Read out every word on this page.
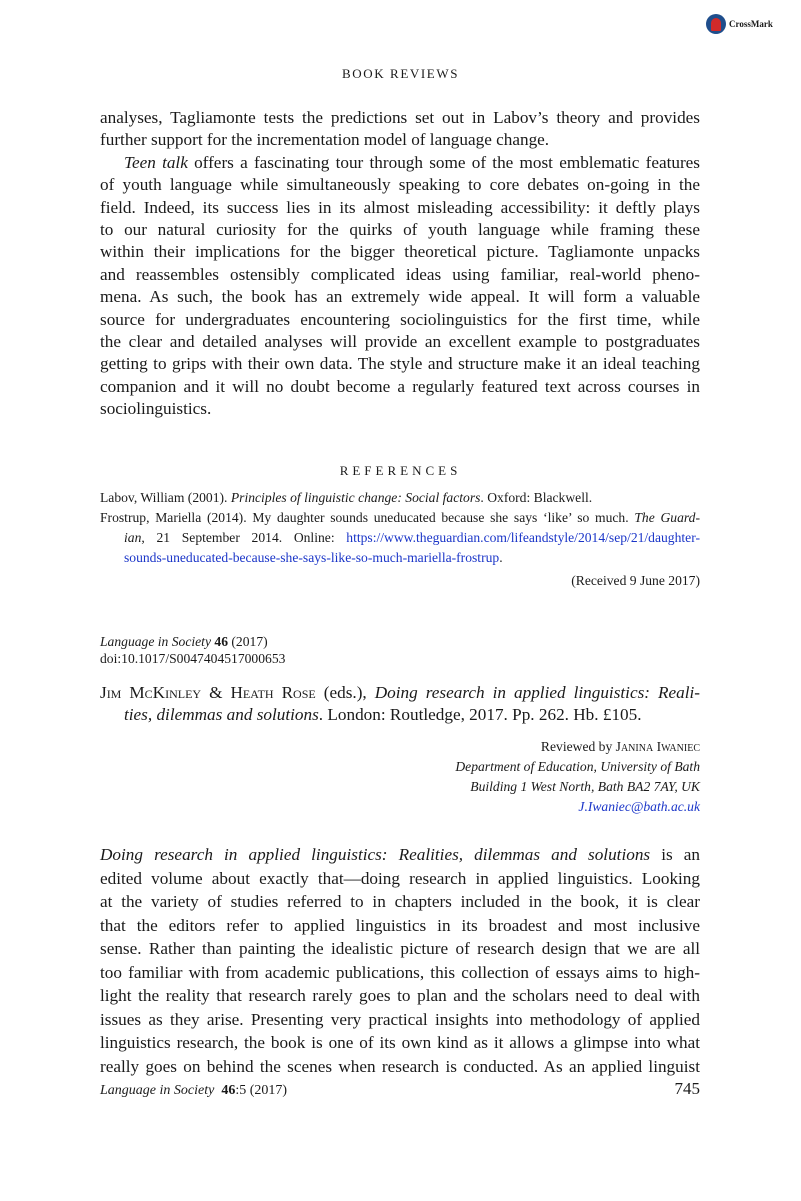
CrossMark
BOOK REVIEWS
analyses, Tagliamonte tests the predictions set out in Labov’s theory and provides
further support for the incrementation model of language change.
Teen talk offers a fascinating tour through some of the most emblematic features
of youth language while simultaneously speaking to core debates on-going in the
field. Indeed, its success lies in its almost misleading accessibility: it deftly plays
to our natural curiosity for the quirks of youth language while framing these
within their implications for the bigger theoretical picture. Tagliamonte unpacks
and reassembles ostensibly complicated ideas using familiar, real-world pheno-
mena. As such, the book has an extremely wide appeal. It will form a valuable
source for undergraduates encountering sociolinguistics for the first time, while
the clear and detailed analyses will provide an excellent example to postgraduates
getting to grips with their own data. The style and structure make it an ideal teaching
companion and it will no doubt become a regularly featured text across courses in
sociolinguistics.
REFERENCES
Labov, William (2001). Principles of linguistic change: Social factors. Oxford: Blackwell.
Frostrup, Mariella (2014). My daughter sounds uneducated because she says ‘like’ so much. The Guard-
ian, 21 September 2014. Online: https://www.theguardian.com/lifeandstyle/2014/sep/21/daughter-
sounds-uneducated-because-she-says-like-so-much-mariella-frostrup.
(Received 9 June 2017)
Language in Society 46 (2017)
doi:10.1017/S0047404517000653
Jim McKinley & Heath Rose (eds.), Doing research in applied linguistics: Reali-
ties, dilemmas and solutions. London: Routledge, 2017. Pp. 262. Hb. £105.
Reviewed by Janina Iwaniec
Department of Education, University of Bath
Building 1 West North, Bath BA2 7AY, UK
J.Iwaniec@bath.ac.uk
Doing research in applied linguistics: Realities, dilemmas and solutions is an
edited volume about exactly that—doing research in applied linguistics. Looking
at the variety of studies referred to in chapters included in the book, it is clear
that the editors refer to applied linguistics in its broadest and most inclusive
sense. Rather than painting the idealistic picture of research design that we are all
too familiar with from academic publications, this collection of essays aims to high-
light the reality that research rarely goes to plan and the scholars need to deal with
issues as they arise. Presenting very practical insights into methodology of applied
linguistics research, the book is one of its own kind as it allows a glimpse into what
really goes on behind the scenes when research is conducted. As an applied linguist
Language in Society 46:5 (2017)	745
